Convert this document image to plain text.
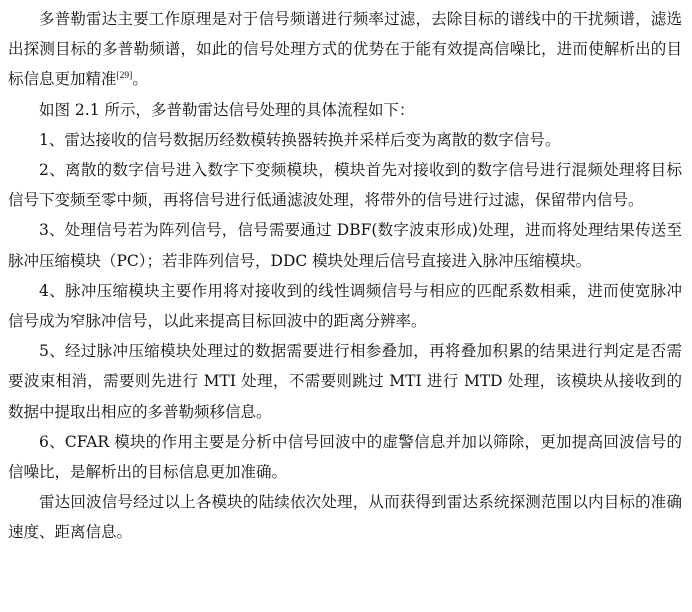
多普勒雷达主要工作原理是对于信号频谱进行频率过滤，去除目标的谱线中的干扰频谱，滤选出探测目标的多普勒频谱，如此的信号处理方式的优势在于能有效提高信噪比，进而使解析出的目标信息更加精准[29]。

如图 2.1 所示，多普勒雷达信号处理的具体流程如下：

1、雷达接收的信号数据历经数模转换器转换并采样后变为离散的数字信号。

2、离散的数字信号进入数字下变频模块，模块首先对接收到的数字信号进行混频处理将目标信号下变频至零中频，再将信号进行低通滤波处理，将带外的信号进行过滤，保留带内信号。

3、处理信号若为阵列信号，信号需要通过 DBF(数字波束形成)处理，进而将处理结果传送至脉冲压缩模块（PC）；若非阵列信号，DDC 模块处理后信号直接进入脉冲压缩模块。

4、脉冲压缩模块主要作用将对接收到的线性调频信号与相应的匹配系数相乘，进而使宽脉冲信号成为窄脉冲信号，以此来提高目标回波中的距离分辨率。

5、经过脉冲压缩模块处理过的数据需要进行相参叠加，再将叠加积累的结果进行判定是否需要波束相消，需要则先进行 MTI 处理，不需要则跳过 MTI 进行 MTD 处理，该模块从接收到的数据中提取出相应的多普勒频移信息。

6、CFAR 模块的作用主要是分析中信号回波中的虚警信息并加以筛除，更加提高回波信号的信噪比，是解析出的目标信息更加准确。

雷达回波信号经过以上各模块的陆续依次处理，从而获得到雷达系统探测范围以内目标的准确速度、距离信息。
